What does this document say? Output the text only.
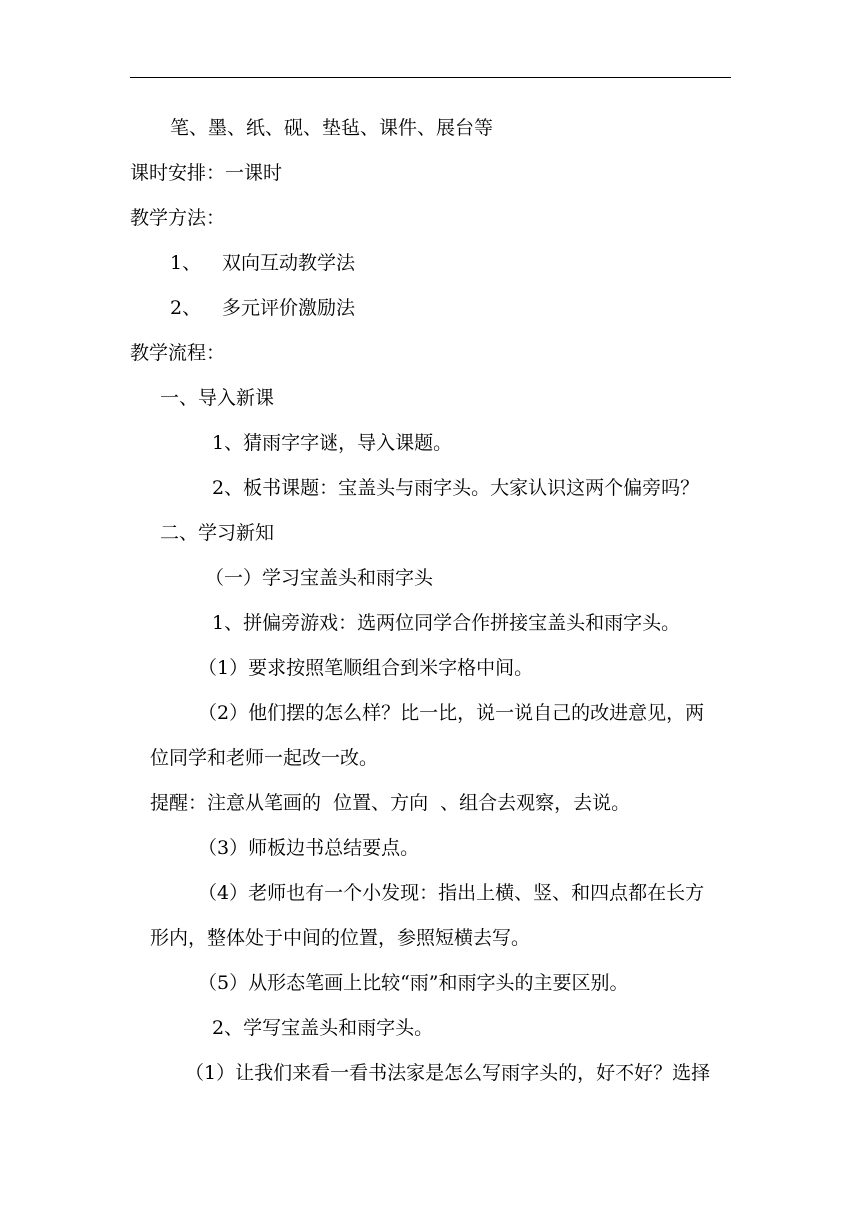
笔、墨、纸、砚、垫毡、课件、展台等
课时安排：一课时
教学方法：
1、 双向互动教学法
2、 多元评价激励法
教学流程：
一、导入新课
1、猜雨字字谜，导入课题。
2、板书课题：宝盖头与雨字头。大家认识这两个偏旁吗？
二、学习新知
（一）学习宝盖头和雨字头
1、拼偏旁游戏：选两位同学合作拼接宝盖头和雨字头。
（1）要求按照笔顺组合到米字格中间。
（2）他们摆的怎么样？比一比，说一说自己的改进意见，两
位同学和老师一起改一改。
提醒：注意从笔画的  位置、方向  、组合去观察，去说。
（3）师板边书总结要点。
（4）老师也有一个小发现：指出上横、竖、和四点都在长方
形内，整体处于中间的位置，参照短横去写。
（5）从形态笔画上比较“雨”和雨字头的主要区别。
2、学写宝盖头和雨字头。
（1）让我们来看一看书法家是怎么写雨字头的，好不好？选择
